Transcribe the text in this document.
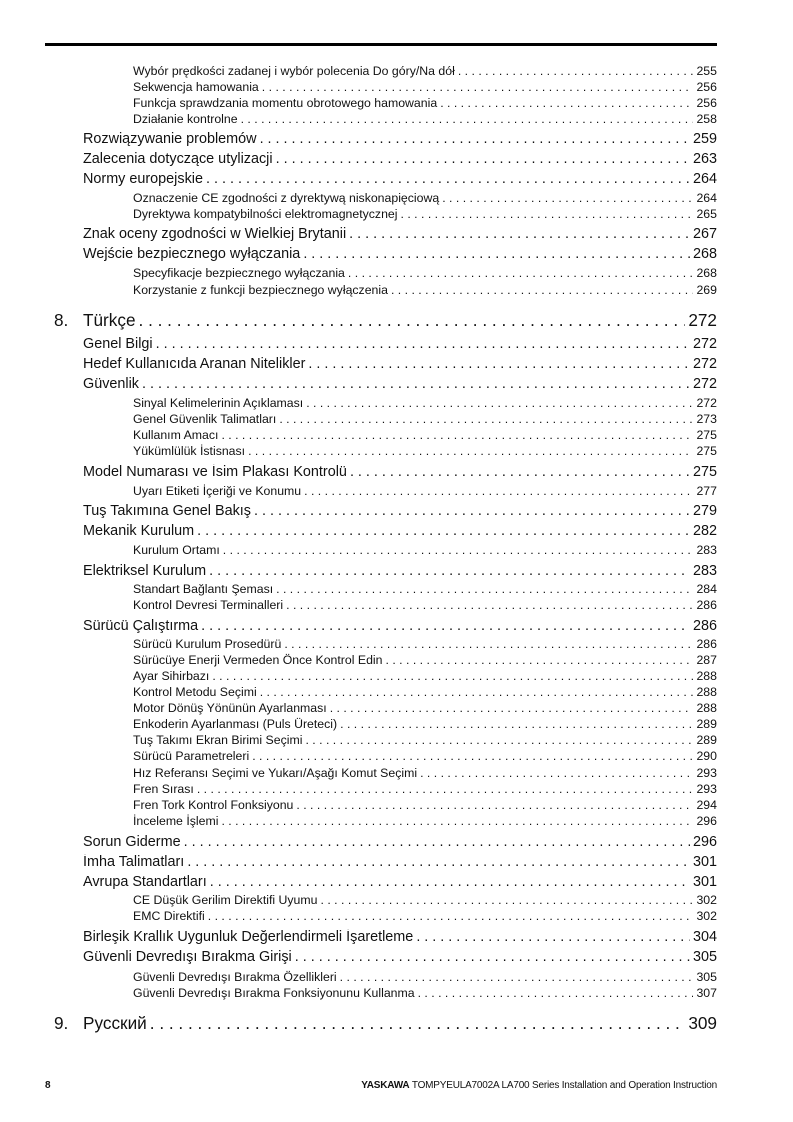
Wybór prędkości zadanej i wybór polecenia Do góry/Na dół . . .	255
Sekwencja hamowania . . .	256
Funkcja sprawdzania momentu obrotowego hamowania . . .	256
Działanie kontrolne . . .	258
Rozwiązywanie problemów . . .	259
Zalecenia dotyczące utylizacji . . .	263
Normy europejskie . . .	264
Oznaczenie CE zgodności z dyrektywą niskonapięciową . . .	264
Dyrektywa kompatybilności elektromagnetycznej . . .	265
Znak oceny zgodności w Wielkiej Brytanii . . .	267
Wejście bezpiecznego wyłączania . . .	268
Specyfikacje bezpiecznego wyłączania . . .	268
Korzystanie z funkcji bezpiecznego wyłączenia . . .	269
8. Türkçe . . .	272
Genel Bilgi . . .	272
Hedef Kullanıcıda Aranan Nitelikler . . .	272
Güvenlik . . .	272
Sinyal Kelimelerinin Açıklaması . . .	272
Genel Güvenlik Talimatları . . .	273
Kullanım Amacı . . .	275
Yükümlülük İstisnası . . .	275
Model Numarası ve İsim Plakası Kontrolü . . .	275
Uyarı Etiketi İçeriği ve Konumu . . .	277
Tuş Takımına Genel Bakış . . .	279
Mekanik Kurulum . . .	282
Kurulum Ortamı . . .	283
Elektriksel Kurulum . . .	283
Standart Bağlantı Şeması . . .	284
Kontrol Devresi Terminalleri . . .	286
Sürücü Çalıştırma . . .	286
Sürücü Kurulum Prosedürü . . .	286
Sürücüye Enerji Vermeden Önce Kontrol Edin . . .	287
Ayar Sihirbazı . . .	288
Kontrol Metodu Seçimi . . .	288
Motor Dönüş Yönünün Ayarlanması . . .	288
Enkoderin Ayarlanması (Puls Üreteci) . . .	289
Tuş Takımı Ekran Birimi Seçimi . . .	289
Sürücü Parametreleri . . .	290
Hız Referansı Seçimi ve Yukarı/Aşağı Komut Seçimi . . .	293
Fren Sırası . . .	293
Fren Tork Kontrol Fonksiyonu . . .	294
İnceleme İşlemi . . .	296
Sorun Giderme . . .	296
İmha Talimatları . . .	301
Avrupa Standartları . . .	301
CE Düşük Gerilim Direktifi Uyumu . . .	302
EMC Direktifi . . .	302
Birleşik Krallık Uygunluk Değerlendirmeli İşaretleme . . .	304
Güvenli Devredışı Bırakma Girişi . . .	305
Güvenli Devredışı Bırakma Özellikleri . . .	305
Güvenli Devredışı Bırakma Fonksiyonunu Kullanma . . .	307
9. Русский . . .	309
8	YASKAWA TOMPYEULA7002A LA700 Series Installation and Operation Instruction
